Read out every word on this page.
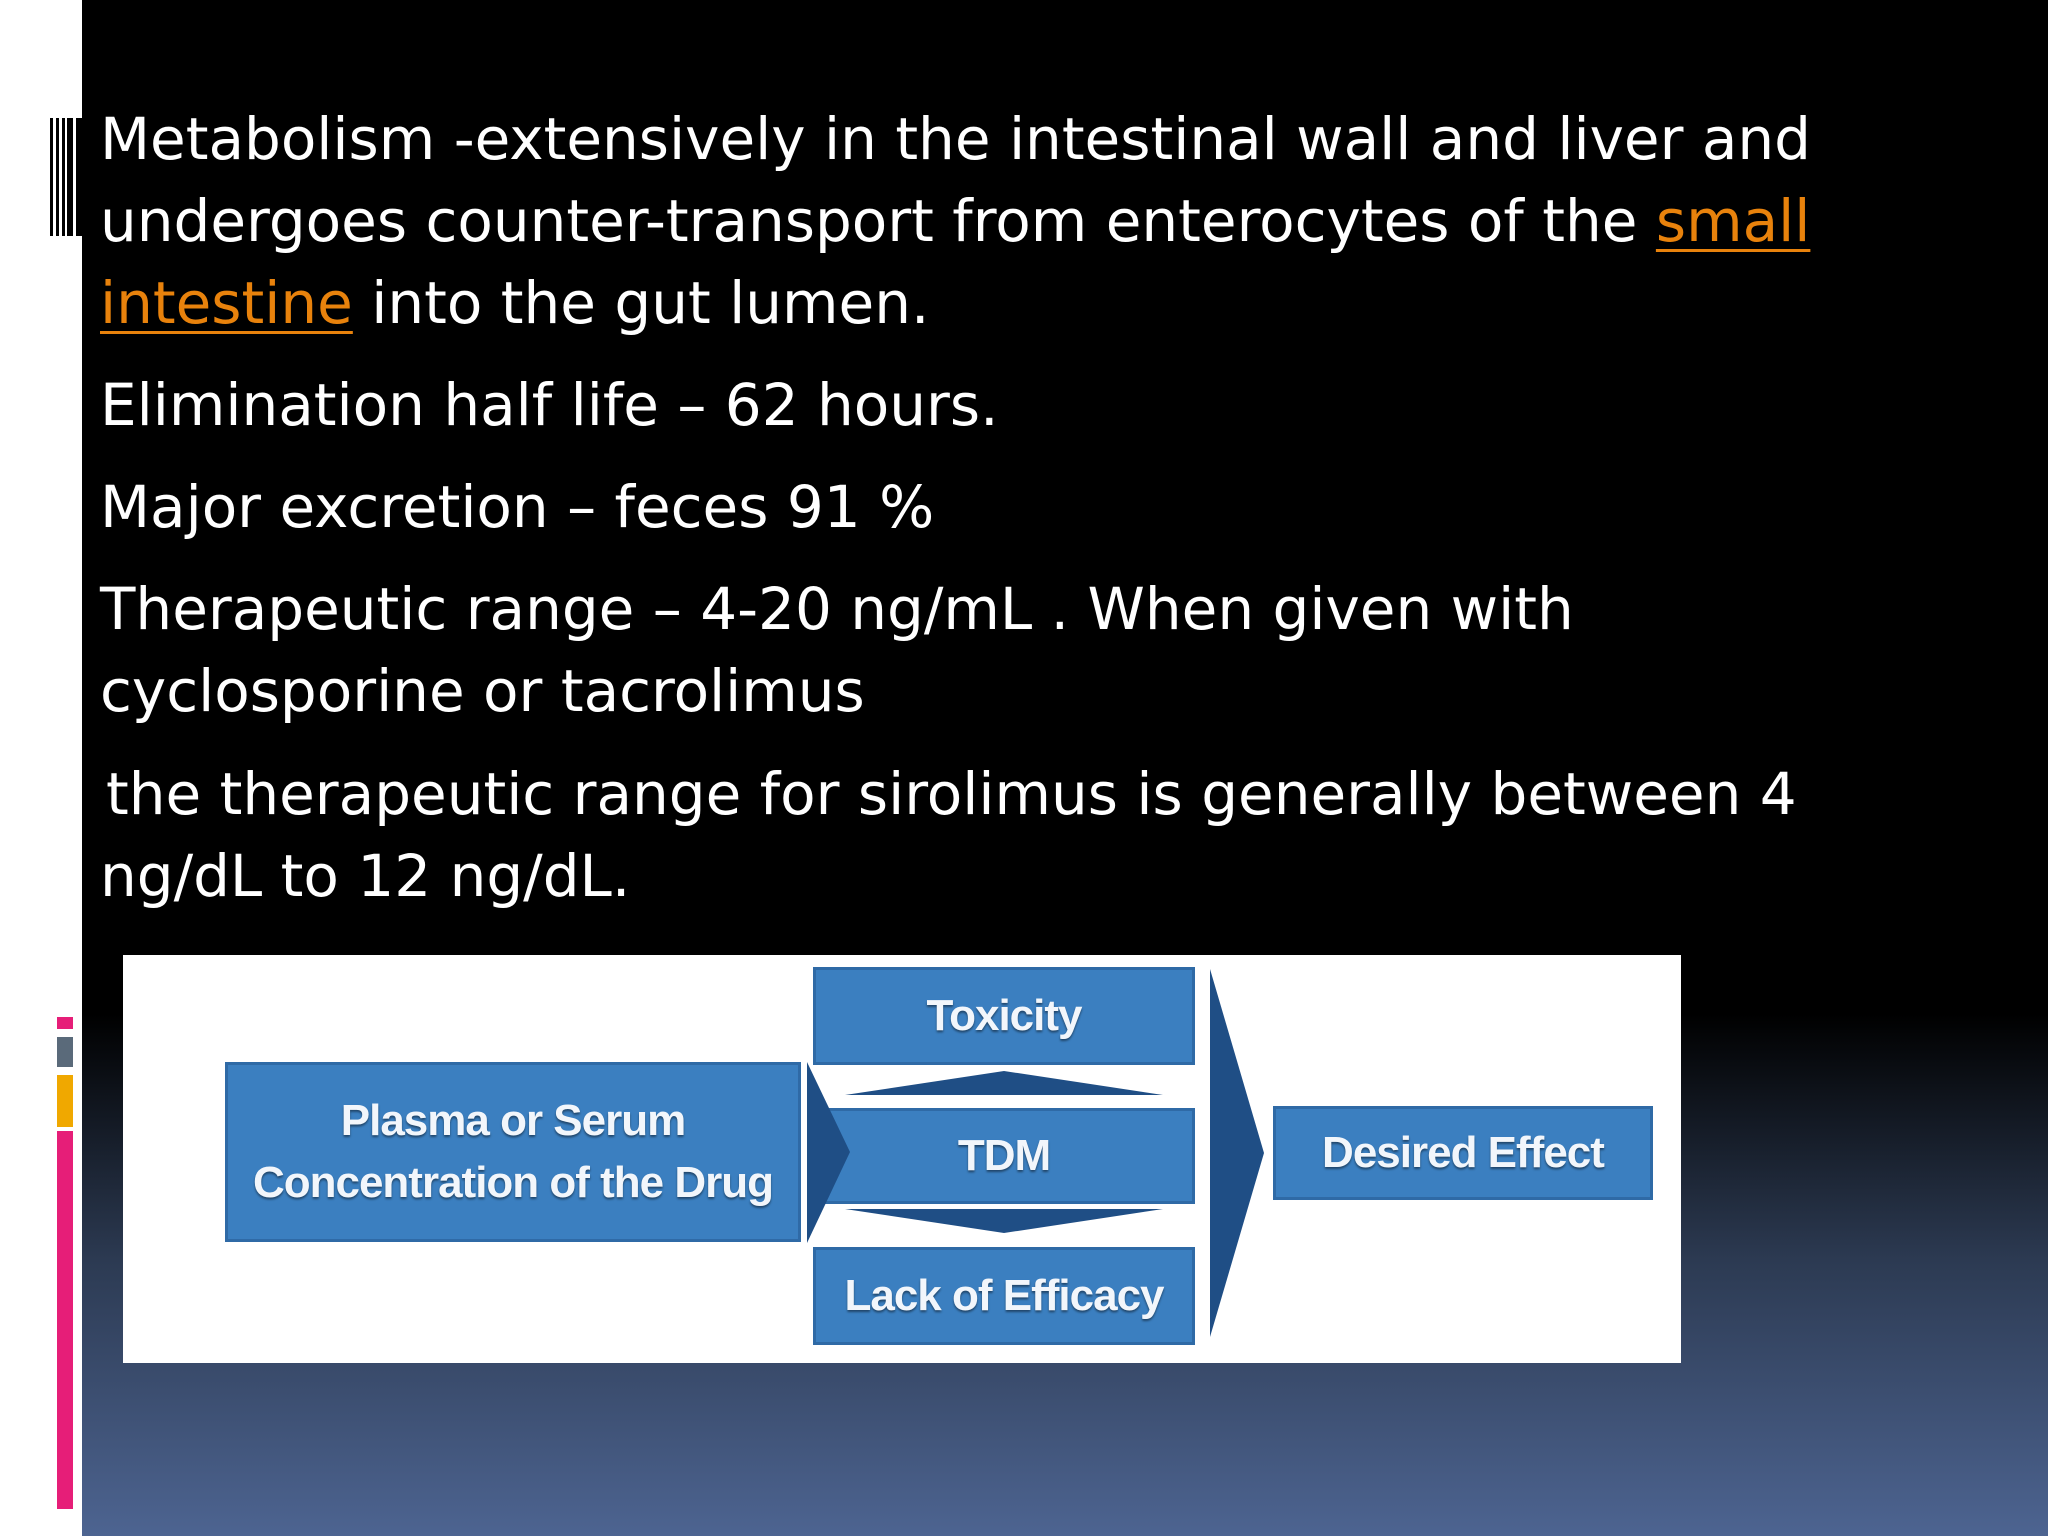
Metabolism -extensively in the intestinal wall and liver and undergoes counter-transport from enterocytes of the small intestine into the gut lumen.
Elimination half life – 62 hours.
Major excretion – feces 91 %
Therapeutic range – 4-20 ng/mL . When given with cyclosporine or tacrolimus
the therapeutic range for sirolimus is generally between 4
ng/dL to 12 ng/dL.
Plasma or Serum
Concentration of the Drug
Toxicity
TDM
Lack of Efficacy
Desired Effect
